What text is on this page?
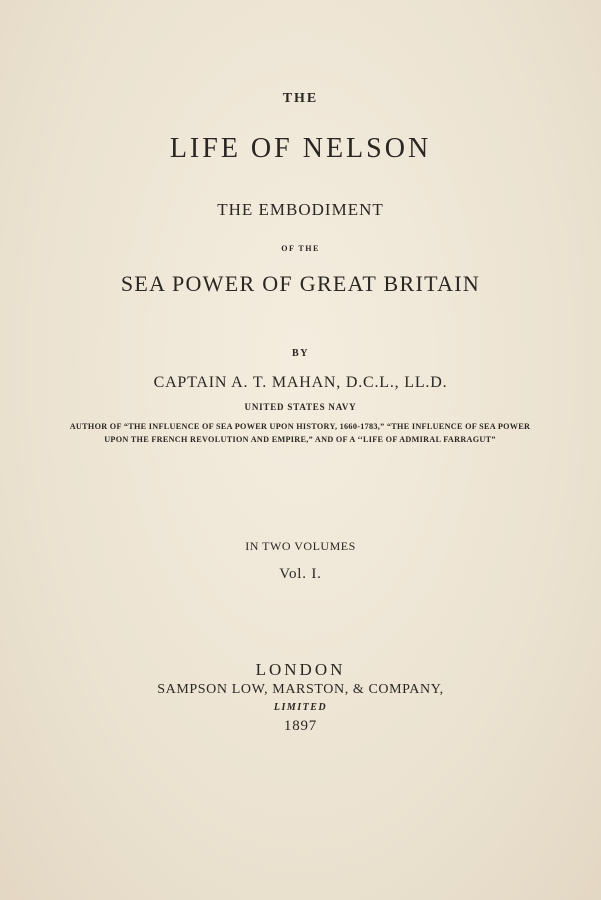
THE
LIFE OF NELSON
THE EMBODIMENT
OF THE
SEA POWER OF GREAT BRITAIN
BY
CAPTAIN A. T. MAHAN, D.C.L., LL.D.
UNITED STATES NAVY
AUTHOR OF “THE INFLUENCE OF SEA POWER UPON HISTORY, 1660-1783,” “THE INFLUENCE OF SEA POWER UPON THE FRENCH REVOLUTION AND EMPIRE,” AND OF A ‘‘LIFE OF ADMIRAL FARRAGUT”
IN TWO VOLUMES
Vol. I.
LONDON
SAMPSON LOW, MARSTON, & COMPANY,
LIMITED
1897
